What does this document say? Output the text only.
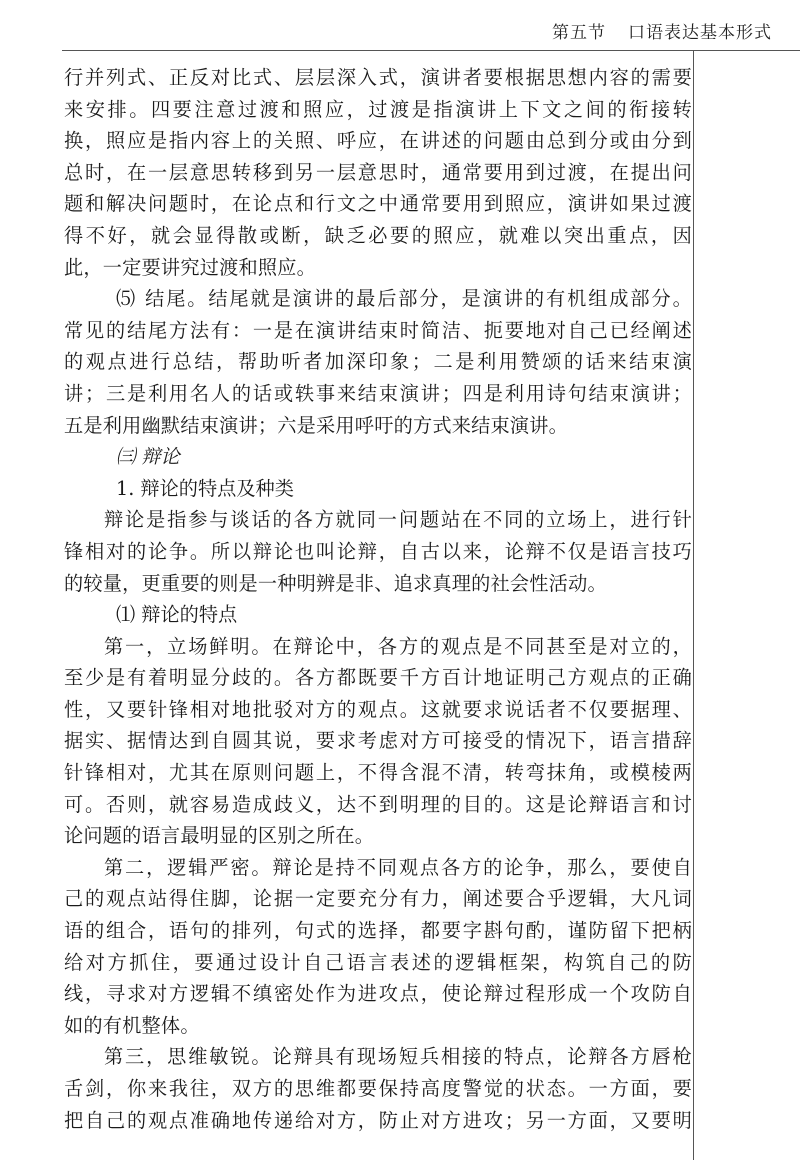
第五节 口语表达基本形式
行并列式、正反对比式、层层深入式，演讲者要根据思想内容的需要
来安排。四要注意过渡和照应，过渡是指演讲上下文之间的衔接转
换，照应是指内容上的关照、呼应，在讲述的问题由总到分或由分到
总时，在一层意思转移到另一层意思时，通常要用到过渡，在提出问
题和解决问题时，在论点和行文之中通常要用到照应，演讲如果过渡
得不好，就会显得散或断，缺乏必要的照应，就难以突出重点，因
此，一定要讲究过渡和照应。
⑸ 结尾。结尾就是演讲的最后部分，是演讲的有机组成部分。
常见的结尾方法有：一是在演讲结束时简洁、扼要地对自己已经阐述
的观点进行总结，帮助听者加深印象；二是利用赞颂的话来结束演
讲；三是利用名人的话或轶事来结束演讲；四是利用诗句结束演讲；
五是利用幽默结束演讲；六是采用呼吁的方式来结束演讲。
㈢ 辩论
1. 辩论的特点及种类
辩论是指参与谈话的各方就同一问题站在不同的立场上，进行针
锋相对的论争。所以辩论也叫论辩，自古以来，论辩不仅是语言技巧
的较量，更重要的则是一种明辨是非、追求真理的社会性活动。
⑴ 辩论的特点
第一，立场鲜明。在辩论中，各方的观点是不同甚至是对立的，
至少是有着明显分歧的。各方都既要千方百计地证明己方观点的正确
性，又要针锋相对地批驳对方的观点。这就要求说话者不仅要据理、
据实、据情达到自圆其说，要求考虑对方可接受的情况下，语言措辞
针锋相对，尤其在原则问题上，不得含混不清，转弯抹角，或模棱两
可。否则，就容易造成歧义，达不到明理的目的。这是论辩语言和讨
论问题的语言最明显的区别之所在。
第二，逻辑严密。辩论是持不同观点各方的论争，那么，要使自
己的观点站得住脚，论据一定要充分有力，阐述要合乎逻辑，大凡词
语的组合，语句的排列，句式的选择，都要字斟句酌，谨防留下把柄
给对方抓住，要通过设计自己语言表述的逻辑框架，构筑自己的防
线，寻求对方逻辑不缜密处作为进攻点，使论辩过程形成一个攻防自
如的有机整体。
第三，思维敏锐。论辩具有现场短兵相接的特点，论辩各方唇枪
舌剑，你来我往，双方的思维都要保持高度警觉的状态。一方面，要
把自己的观点准确地传递给对方，防止对方进攻；另一方面，又要明
